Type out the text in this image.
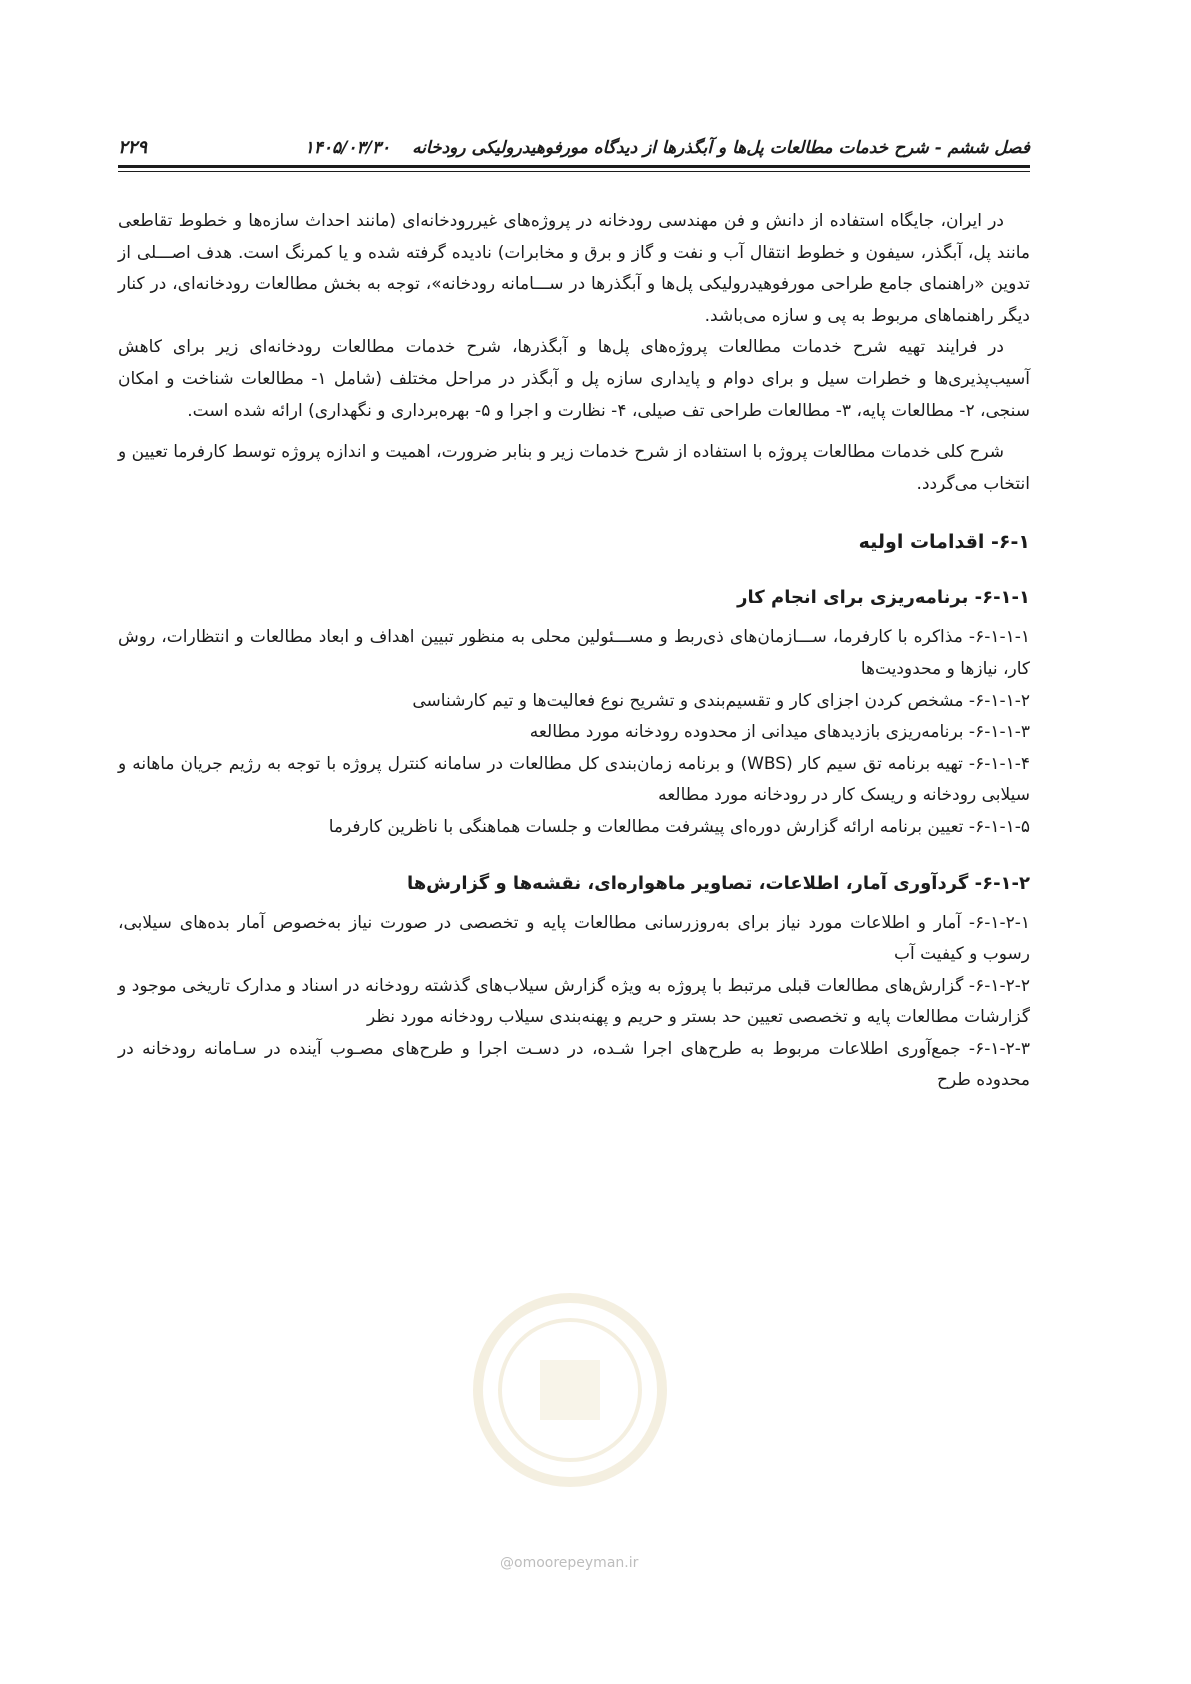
فصل ششم - شرح خدمات مطالعات پل‌ها و آبگذرها از دیدگاه مورفوهیدرولیکی رودخانه
۱۴۰۵/۰۳/۳۰
۲۲۹

در ایران، جایگاه استفاده از دانش و فن مهندسی رودخانه در پروژه‌های غیررودخانه‌ای (مانند احداث سازه‌ها و خطوط تقاطعی مانند پل، آبگذر، سیفون و خطوط انتقال آب و نفت و گاز و برق و مخابرات) نادیده گرفته شده و یا کمرنگ است. هدف اصـــلی از تدوین «راهنمای جامع طراحی مورفوهیدرولیکی پل‌ها و آبگذرها در ســـامانه رودخانه»، توجه به بخش مطالعات رودخانه‌ای، در کنار دیگر راهنماهای مربوط به پی و سازه می‌باشد.

در فرایند تهیه شرح خدمات مطالعات پروژه‌های پل‌ها و آبگذرها، شرح خدمات مطالعات رودخانه‌ای زیر برای کاهش آسیب‌پذیری‌ها و خطرات سیل و برای دوام و پایداری سازه پل و آبگذر در مراحل مختلف (شامل ۱- مطالعات شناخت و امکان سنجی، ۲- مطالعات پایه، ۳- مطالعات طراحی تف صیلی، ۴- نظارت و اجرا و ۵- بهره‌برداری و نگهداری) ارائه شده است.

شرح کلی خدمات مطالعات پروژه با استفاده از شرح خدمات زیر و بنابر ضرورت، اهمیت و اندازه پروژه توسط کارفرما تعیین و انتخاب می‌گردد.

۶-۱- اقدامات اولیه
۶-۱-۱- برنامه‌ریزی برای انجام کار

۶-۱-۱-۱- مذاکره با کارفرما، ســـازمان‌های ذی‌ربط و مســـئولین محلی به منظور تبیین اهداف و ابعاد مطالعات و انتظارات، روش کار، نیازها و محدودیت‌ها

۶-۱-۱-۲- مشخص کردن اجزای کار و تقسیم‌بندی و تشریح نوع فعالیت‌ها و تیم کارشناسی

۶-۱-۱-۳- برنامه‌ریزی بازدیدهای میدانی از محدوده رودخانه مورد مطالعه

۶-۱-۱-۴- تهیه برنامه تق سیم کار (WBS) و برنامه زمان‌بندی کل مطالعات در سامانه کنترل پروژه با توجه به رژیم جریان ماهانه و سیلابی رودخانه و ریسک کار در رودخانه مورد مطالعه

۶-۱-۱-۵- تعیین برنامه ارائه گزارش دوره‌ای پیشرفت مطالعات و جلسات هماهنگی با ناظرین کارفرما

۶-۱-۲- گردآوری آمار، اطلاعات، تصاویر ماهواره‌ای، نقشه‌ها و گزارش‌ها

۶-۱-۲-۱- آمار و اطلاعات مورد نیاز برای به‌روزرسانی مطالعات پایه و تخصصی در صورت نیاز به‌خصوص آمار بده‌های سیلابی، رسوب و کیفیت آب

۶-۱-۲-۲- گزارش‌های مطالعات قبلی مرتبط با پروژه به ویژه گزارش سیلاب‌های گذشته رودخانه در اسناد و مدارک تاریخی موجود و گزارشات مطالعات پایه و تخصصی تعیین حد بستر و حریم و پهنه‌بندی سیلاب رودخانه مورد نظر

۶-۱-۲-۳- جمع‌آوری اطلاعات مربوط به طرح‌های اجرا شـده، در دسـت اجرا و طرح‌های مصـوب آینده در سـامانه رودخانه در محدوده طرح

@omoorepeyman.ir
